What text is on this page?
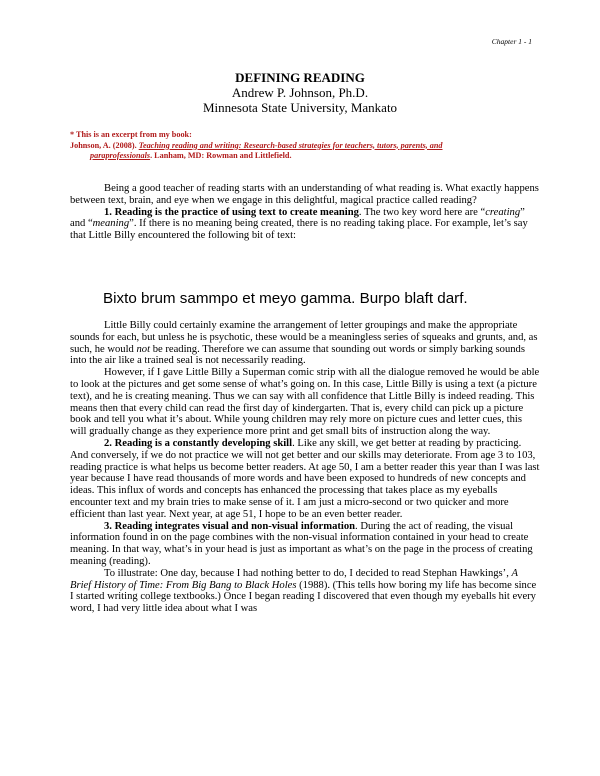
Chapter 1 - 1
DEFINING READING
Andrew P. Johnson, Ph.D.
Minnesota State University, Mankato
* This is an excerpt from my book:
Johnson, A. (2008). Teaching reading and writing: Research-based strategies for teachers, tutors, parents, and
paraprofessionals. Lanham, MD: Rowman and Littlefield.

Being a good teacher of reading starts with an understanding of what reading is. What exactly happens between text, brain, and eye when we engage in this delightful, magical practice called reading?

1. Reading is the practice of using text to create meaning. The two key word here are “creating” and “meaning”. If there is no meaning being created, there is no reading taking place. For example, let’s say that Little Billy encountered the following bit of text:

Bixto brum sammpo et meyo gamma. Burpo blaft darf.

Little Billy could certainly examine the arrangement of letter groupings and make the appropriate sounds for each, but unless he is psychotic, these would be a meaningless series of squeaks and grunts, and, as such, he would not be reading. Therefore we can assume that sounding out words or simply barking sounds into the air like a trained seal is not necessarily reading.

However, if I gave Little Billy a Superman comic strip with all the dialogue removed he would be able to look at the pictures and get some sense of what’s going on. In this case, Little Billy is using a text (a picture text), and he is creating meaning. Thus we can say with all confidence that Little Billy is indeed reading. This means then that every child can read the first day of kindergarten. That is, every child can pick up a picture book and tell you what it’s about. While young children may rely more on picture cues and letter cues, this will gradually change as they experience more print and get small bits of instruction along the way.

2. Reading is a constantly developing skill. Like any skill, we get better at reading by practicing. And conversely, if we do not practice we will not get better and our skills may deteriorate. From age 3 to 103, reading practice is what helps us become better readers. At age 50, I am a better reader this year than I was last year because I have read thousands of more words and have been exposed to hundreds of new concepts and ideas. This influx of words and concepts has enhanced the processing that takes place as my eyeballs encounter text and my brain tries to make sense of it. I am just a micro-second or two quicker and more efficient than last year. Next year, at age 51, I hope to be an even better reader.

3. Reading integrates visual and non-visual information. During the act of reading, the visual information found in on the page combines with the non-visual information contained in your head to create meaning. In that way, what’s in your head is just as important as what’s on the page in the process of creating meaning (reading).

To illustrate: One day, because I had nothing better to do, I decided to read Stephan Hawkings’, A Brief History of Time: From Big Bang to Black Holes (1988). (This tells how boring my life has become since I started writing college textbooks.) Once I began reading I discovered that even though my eyeballs hit every word, I had very little idea about what I was
